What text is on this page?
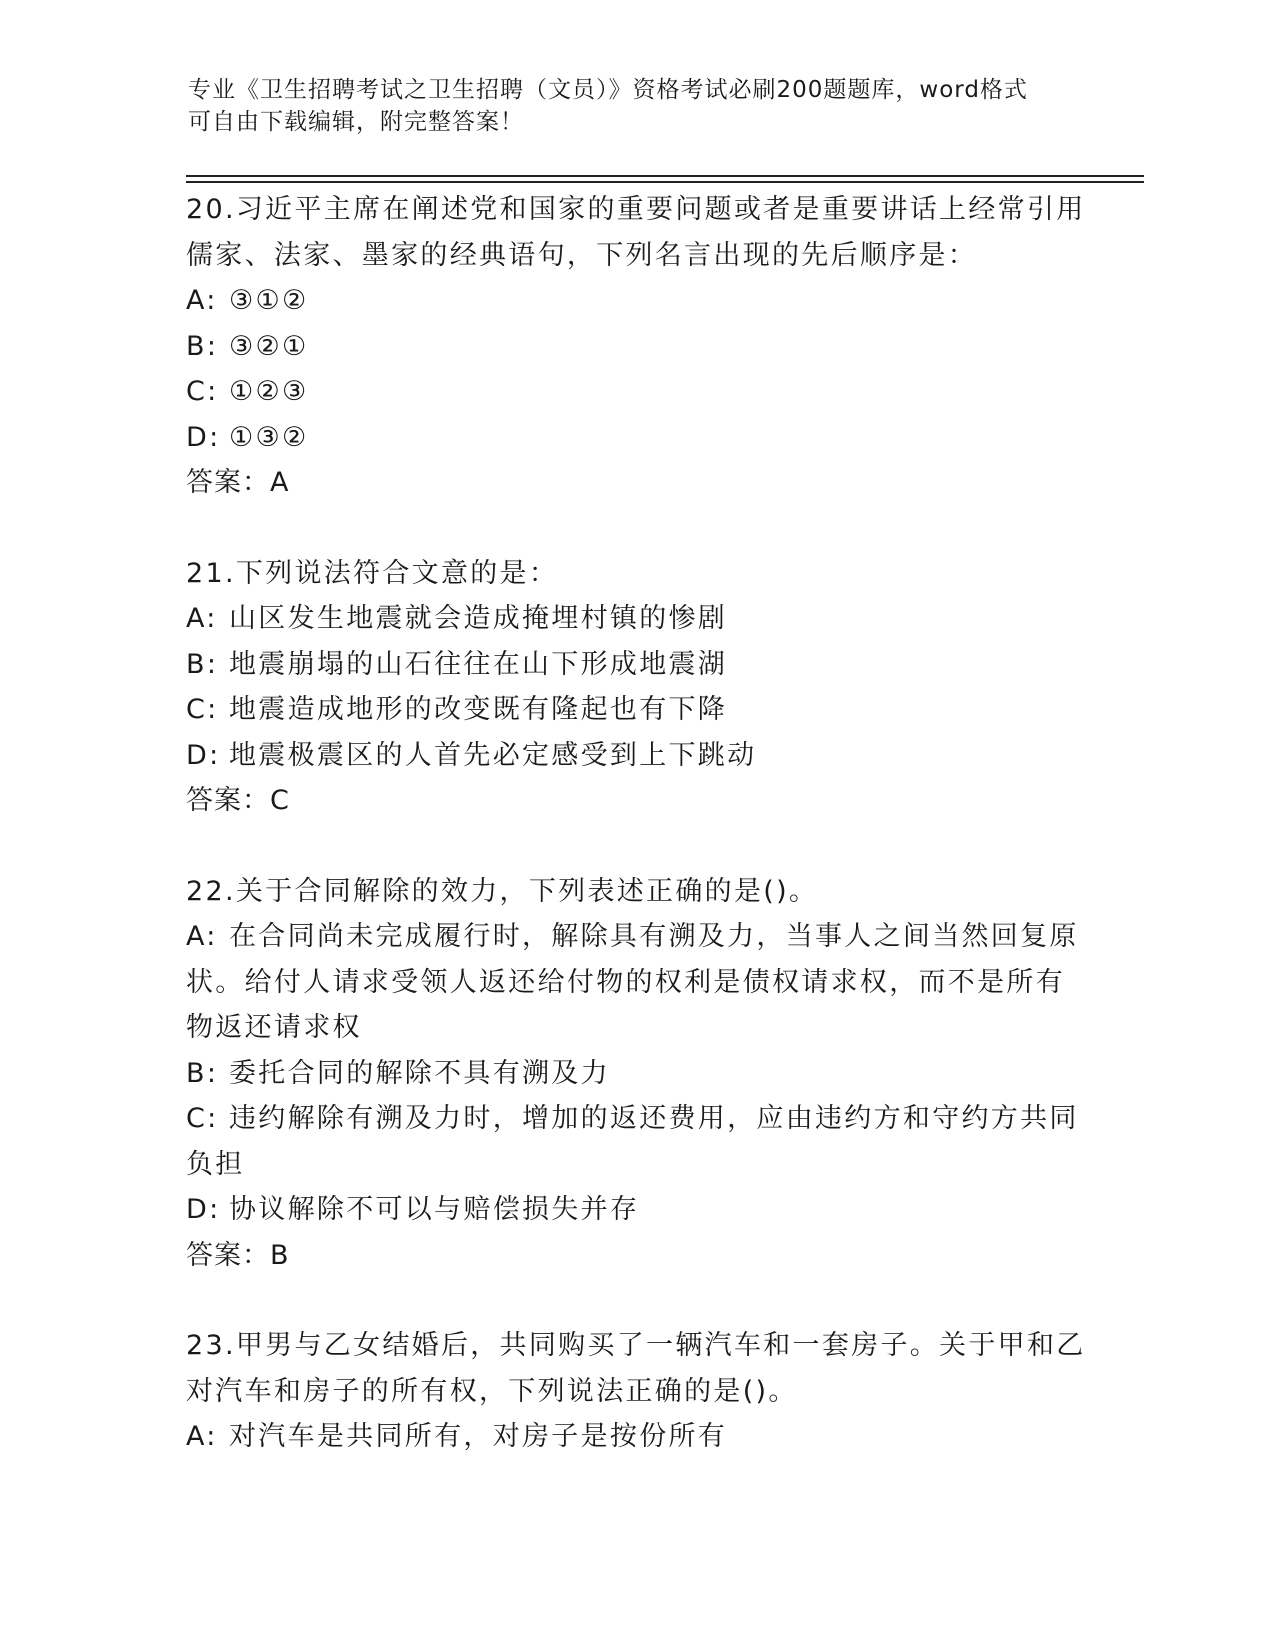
专业《卫生招聘考试之卫生招聘（文员）》资格考试必刷200题题库，word格式
可自由下载编辑，附完整答案！

20.习近平主席在阐述党和国家的重要问题或者是重要讲话上经常引用

儒家、法家、墨家的经典语句，下列名言出现的先后顺序是：

A: ③①②

B: ③②①

C: ①②③

D: ①③②

答案：A

21.下列说法符合文意的是：

A: 山区发生地震就会造成掩埋村镇的惨剧

B: 地震崩塌的山石往往在山下形成地震湖

C: 地震造成地形的改变既有隆起也有下降

D: 地震极震区的人首先必定感受到上下跳动

答案：C

22.关于合同解除的效力，下列表述正确的是()。

A: 在合同尚未完成履行时，解除具有溯及力，当事人之间当然回复原

状。给付人请求受领人返还给付物的权利是债权请求权，而不是所有

物返还请求权

B: 委托合同的解除不具有溯及力

C: 违约解除有溯及力时，增加的返还费用，应由违约方和守约方共同

负担

D: 协议解除不可以与赔偿损失并存

答案：B

23.甲男与乙女结婚后，共同购买了一辆汽车和一套房子。关于甲和乙

对汽车和房子的所有权，下列说法正确的是()。

A: 对汽车是共同所有，对房子是按份所有
